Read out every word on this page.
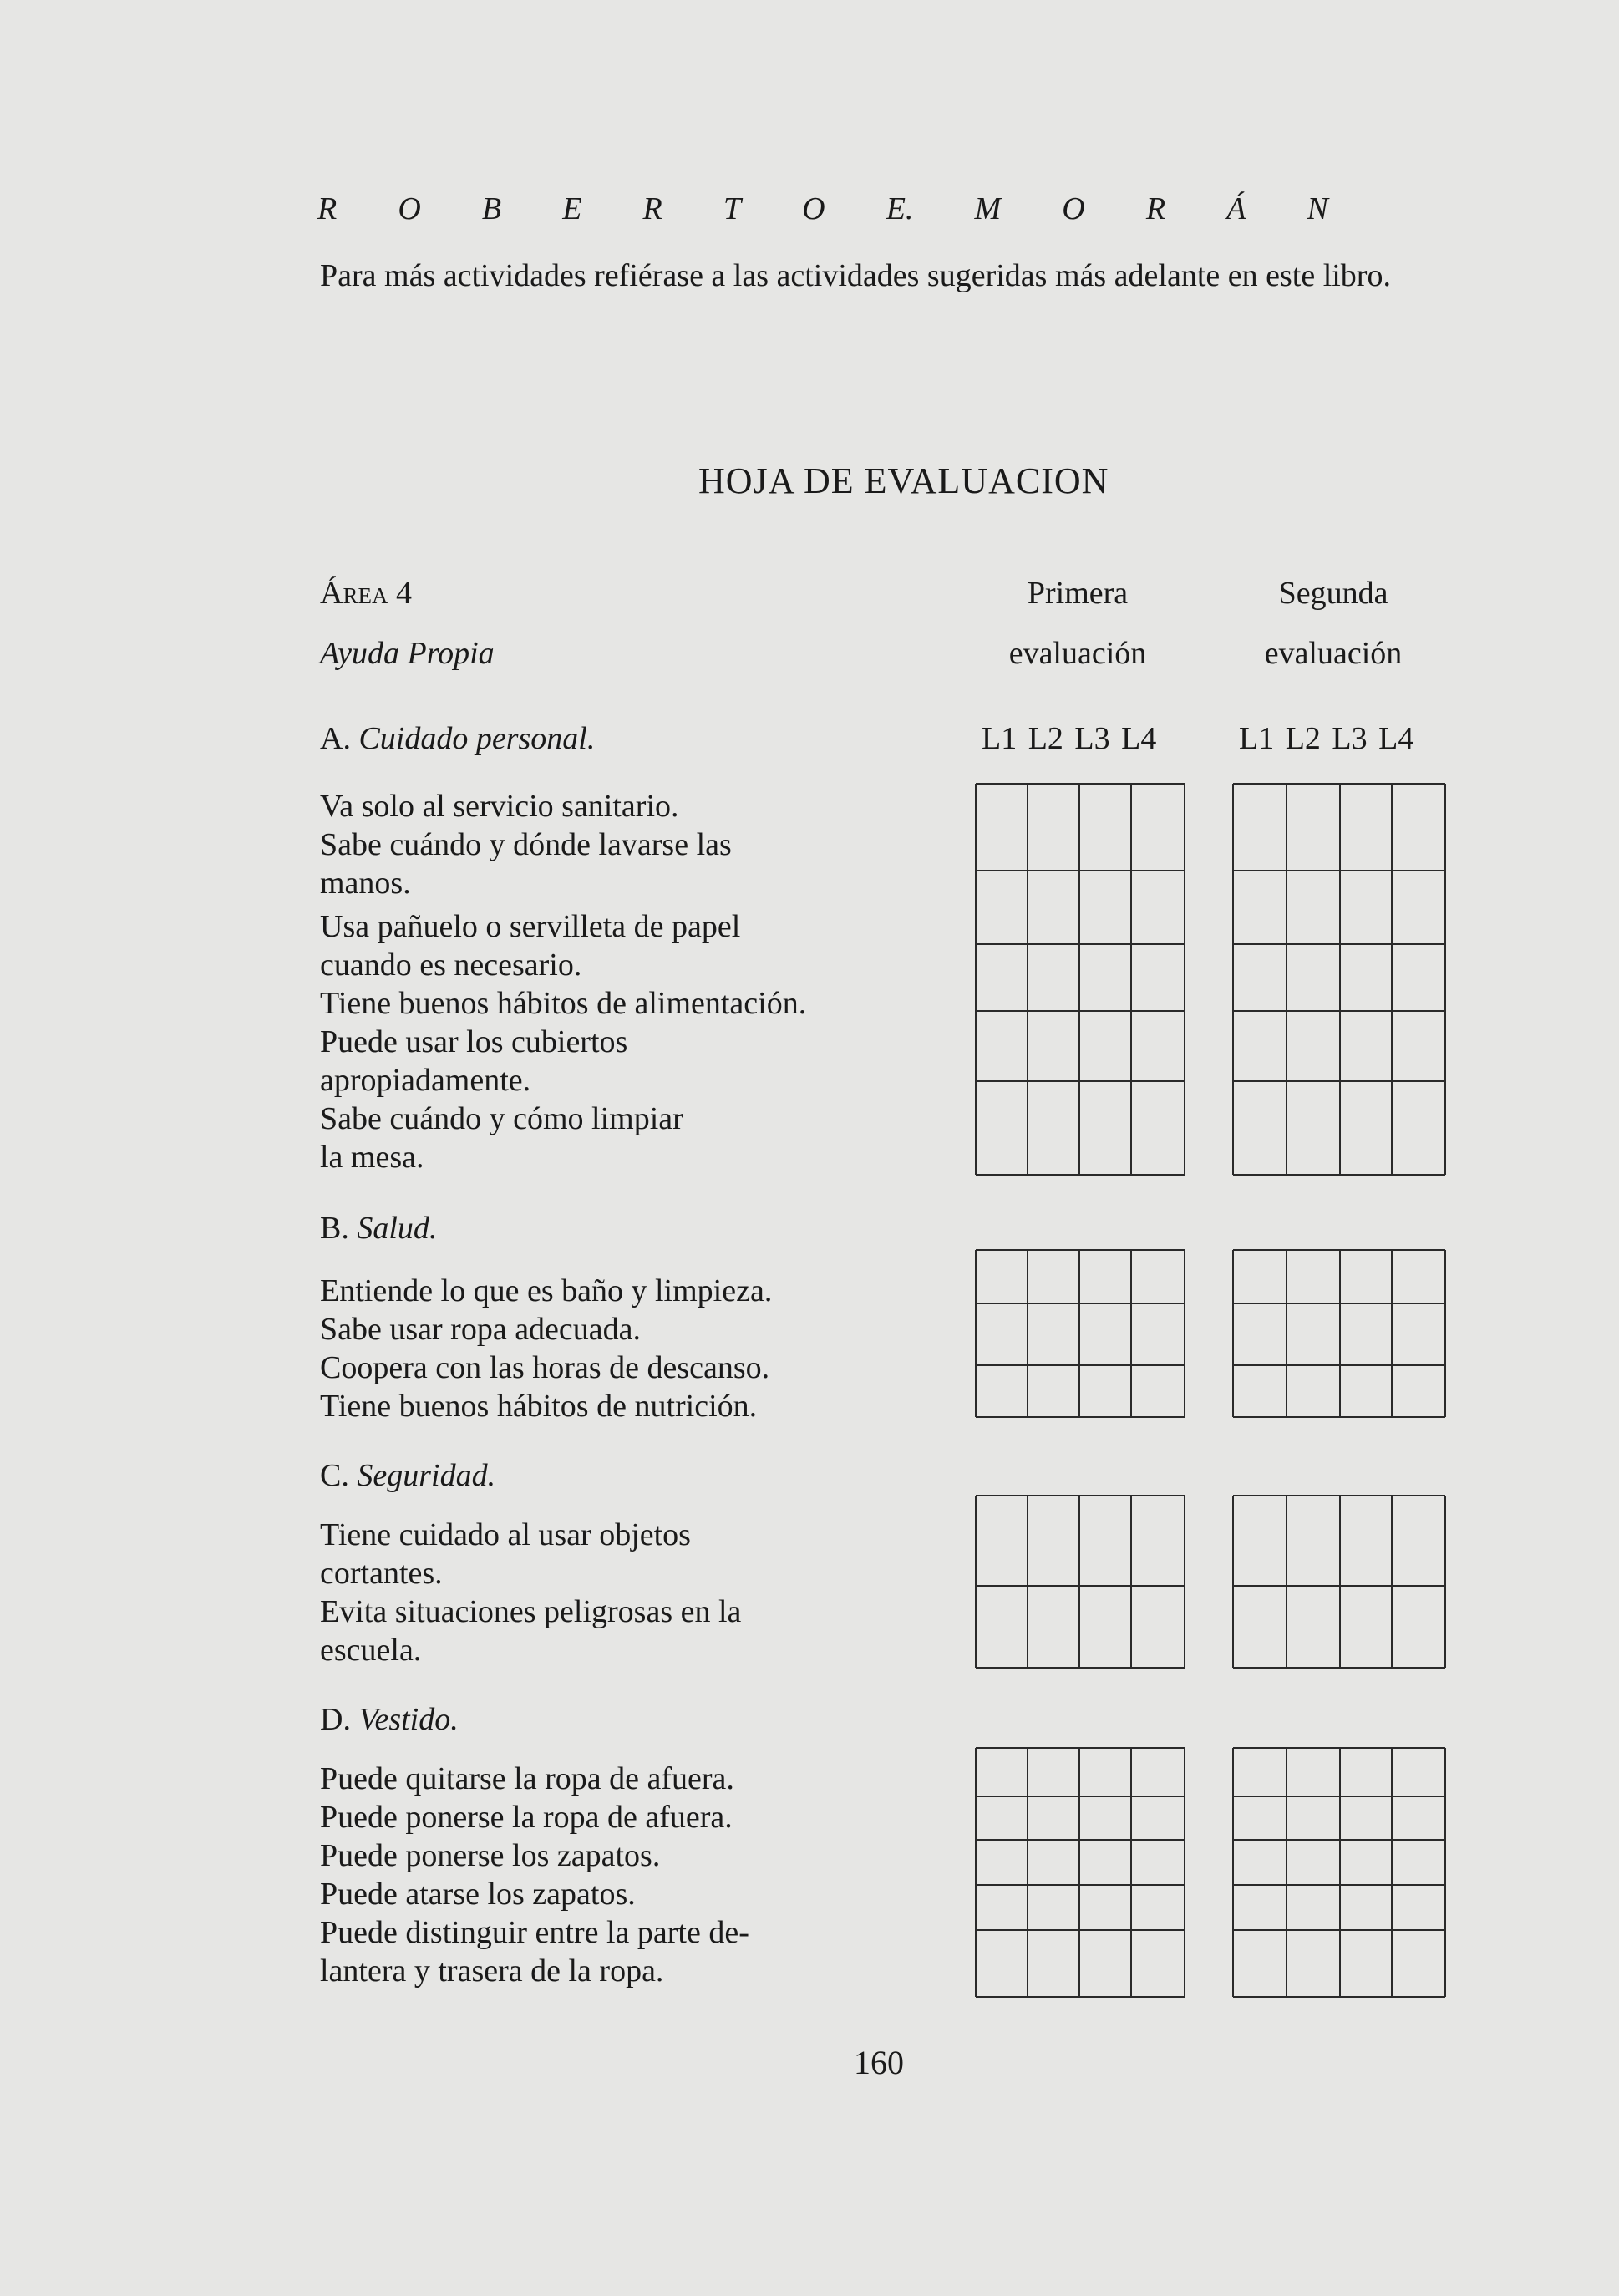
R O B E R T O E. M O R Á N
Para más actividades refiérase a las actividades sugeridas más adelante en este libro.
HOJA DE EVALUACION
Área 4
Ayuda Propia
Primera
evaluación
Segunda
evaluación
L1 L2 L3 L4	L1 L2 L3 L4
A. Cuidado personal.
Va solo al servicio sanitario.
Sabe cuándo y dónde lavarse las
manos.
Usa pañuelo o servilleta de papel
cuando es necesario.
Tiene buenos hábitos de alimentación.
Puede usar los cubiertos
apropiadamente.
Sabe cuándo y cómo limpiar
la mesa.
B. Salud.
Entiende lo que es baño y limpieza.
Sabe usar ropa adecuada.
Coopera con las horas de descanso.
Tiene buenos hábitos de nutrición.
C. Seguridad.
Tiene cuidado al usar objetos
cortantes.
Evita situaciones peligrosas en la
escuela.
D. Vestido.
Puede quitarse la ropa de afuera.
Puede ponerse la ropa de afuera.
Puede ponerse los zapatos.
Puede atarse los zapatos.
Puede distinguir entre la parte de-
lantera y trasera de la ropa.
160
